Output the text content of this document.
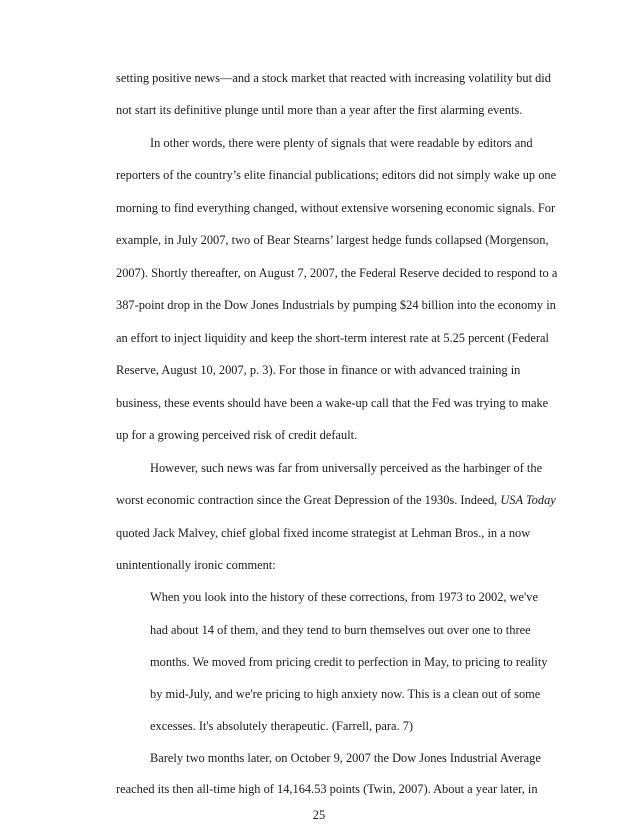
setting positive news—and a stock market that reacted with increasing volatility but did
not start its definitive plunge until more than a year after the first alarming events.
In other words, there were plenty of signals that were readable by editors and
reporters of the country’s elite financial publications; editors did not simply wake up one
morning to find everything changed, without extensive worsening economic signals. For
example, in July 2007, two of Bear Stearns’ largest hedge funds collapsed (Morgenson,
2007). Shortly thereafter, on August 7, 2007, the Federal Reserve decided to respond to a
387-point drop in the Dow Jones Industrials by pumping $24 billion into the economy in
an effort to inject liquidity and keep the short-term interest rate at 5.25 percent (Federal
Reserve, August 10, 2007, p. 3). For those in finance or with advanced training in
business, these events should have been a wake-up call that the Fed was trying to make
up for a growing perceived risk of credit default.
However, such news was far from universally perceived as the harbinger of the
worst economic contraction since the Great Depression of the 1930s. Indeed, USA Today
quoted Jack Malvey, chief global fixed income strategist at Lehman Bros., in a now
unintentionally ironic comment:
When you look into the history of these corrections, from 1973 to 2002, we've
had about 14 of them, and they tend to burn themselves out over one to three
months. We moved from pricing credit to perfection in May, to pricing to reality
by mid-July, and we're pricing to high anxiety now. This is a clean out of some
excesses. It's absolutely therapeutic. (Farrell, para. 7)
Barely two months later, on October 9, 2007 the Dow Jones Industrial Average
reached its then all-time high of 14,164.53 points (Twin, 2007). About a year later, in
25
